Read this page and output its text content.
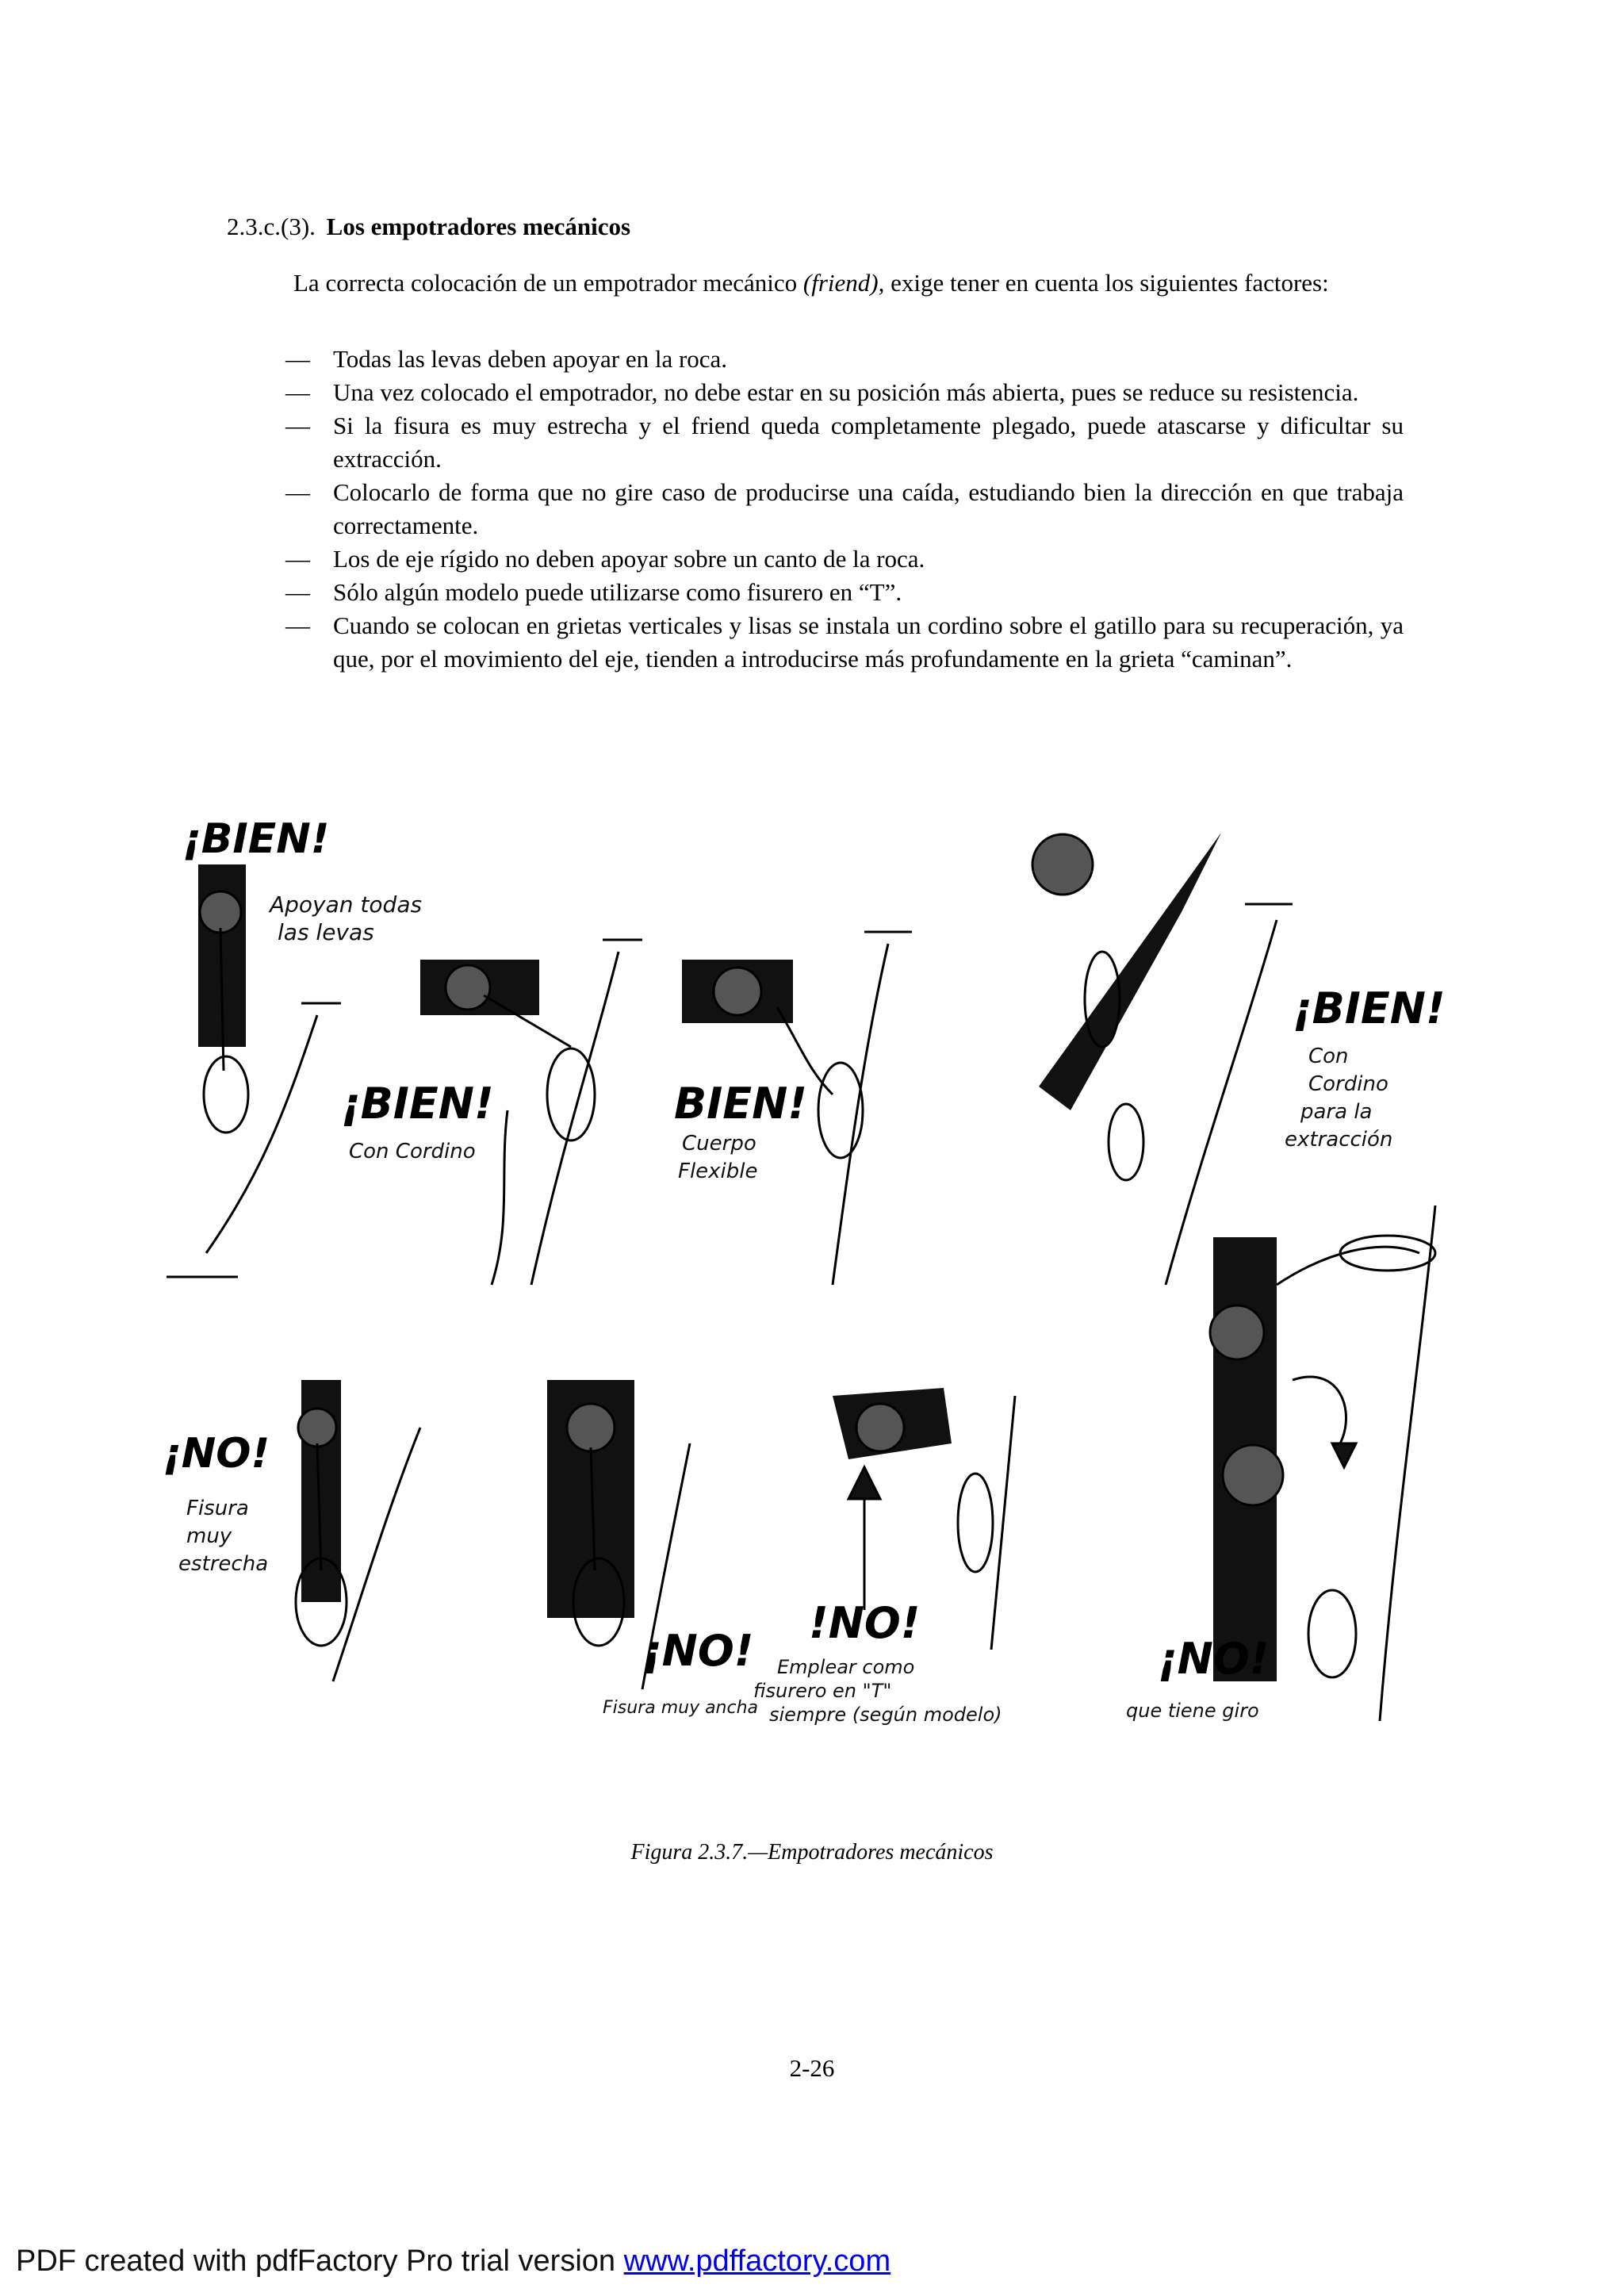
2.3.c.(3). Los empotradores mecánicos
La correcta colocación de un empotrador mecánico (friend), exige tener en cuenta los siguientes factores:
— Todas las levas deben apoyar en la roca.
— Una vez colocado el empotrador, no debe estar en su posición más abierta, pues se reduce su resistencia.
— Si la fisura es muy estrecha y el friend queda completamente plegado, puede atascarse y dificultar su extracción.
— Colocarlo de forma que no gire caso de producirse una caída, estudiando bien la dirección en que trabaja correctamente.
— Los de eje rígido no deben apoyar sobre un canto de la roca.
— Sólo algún modelo puede utilizarse como fisurero en “T”.
— Cuando se colocan en grietas verticales y lisas se instala un cordino sobre el gatillo para su recuperación, ya que, por el movimiento del eje, tienden a introducirse más profundamente en la grieta “caminan”.
¡BIEN!
Apoyan todas
las levas
¡BIEN!
Con Cordino
BIEN!
Cuerpo
Flexible
¡BIEN!
Con
Cordino
para la
extracción
¡NO!
Fisura
muy
estrecha
¡NO!
Fisura muy ancha
!NO!
Emplear como
fisurero en "T"
siempre (según modelo)
¡NO!
que tiene giro
Figura 2.3.7.—Empotradores mecánicos
2-26
PDF created with pdfFactory Pro trial version www.pdffactory.com
